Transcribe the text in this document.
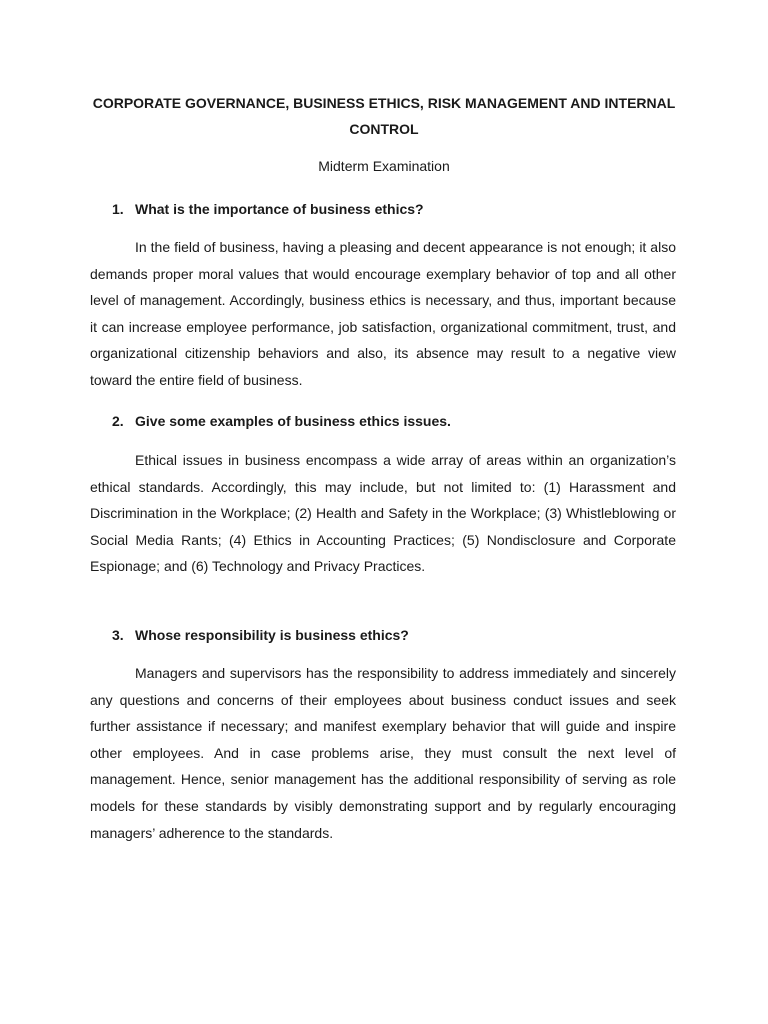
CORPORATE GOVERNANCE, BUSINESS ETHICS, RISK MANAGEMENT AND INTERNAL CONTROL

Midterm Examination

1. What is the importance of business ethics?

In the field of business, having a pleasing and decent appearance is not enough; it also demands proper moral values that would encourage exemplary behavior of top and all other level of management. Accordingly, business ethics is necessary, and thus, important because it can increase employee performance, job satisfaction, organizational commitment, trust, and organizational citizenship behaviors and also, its absence may result to a negative view toward the entire field of business.

2. Give some examples of business ethics issues.

Ethical issues in business encompass a wide array of areas within an organization’s ethical standards. Accordingly, this may include, but not limited to: (1) Harassment and Discrimination in the Workplace; (2) Health and Safety in the Workplace; (3) Whistleblowing or Social Media Rants; (4) Ethics in Accounting Practices; (5) Nondisclosure and Corporate Espionage; and (6) Technology and Privacy Practices.

3. Whose responsibility is business ethics?

Managers and supervisors has the responsibility to address immediately and sincerely any questions and concerns of their employees about business conduct issues and seek further assistance if necessary; and manifest exemplary behavior that will guide and inspire other employees. And in case problems arise, they must consult the next level of management. Hence, senior management has the additional responsibility of serving as role models for these standards by visibly demonstrating support and by regularly encouraging managers’ adherence to the standards.
